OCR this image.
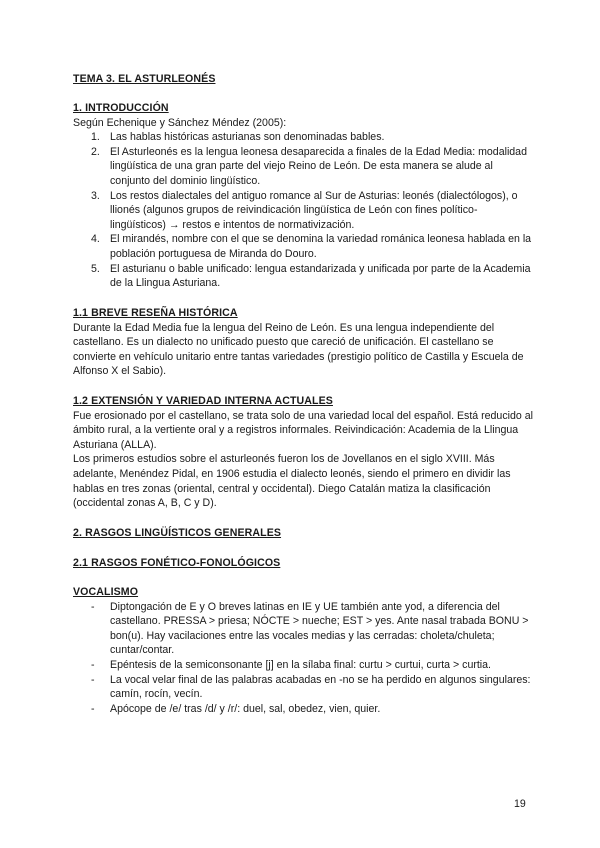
TEMA 3. EL ASTURLEONÉS

1. INTRODUCCIÓN

Según Echenique y Sánchez Méndez (2005):

1. Las hablas históricas asturianas son denominadas bables.
2. El Asturleonés es la lengua leonesa desaparecida a finales de la Edad Media: modalidad lingüística de una gran parte del viejo Reino de León. De esta manera se alude al conjunto del dominio lingüístico.
3. Los restos dialectales del antiguo romance al Sur de Asturias: leonés (dialectólogos), o llionés (algunos grupos de reivindicación lingüística de León con fines político-lingüísticos) → restos e intentos de normativización.
4. El mirandés, nombre con el que se denomina la variedad románica leonesa hablada en la población portuguesa de Miranda do Douro.
5. El asturianu o bable unificado: lengua estandarizada y unificada por parte de la Academia de la Llingua Asturiana.

1.1 BREVE RESEÑA HISTÓRICA

Durante la Edad Media fue la lengua del Reino de León. Es una lengua independiente del castellano. Es un dialecto no unificado puesto que careció de unificación. El castellano se convierte en vehículo unitario entre tantas variedades (prestigio político de Castilla y Escuela de Alfonso X el Sabio).

1.2 EXTENSIÓN Y VARIEDAD INTERNA ACTUALES

Fue erosionado por el castellano, se trata solo de una variedad local del español. Está reducido al ámbito rural, a la vertiente oral y a registros informales. Reivindicación: Academia de la Llingua Asturiana (ALLA).

Los primeros estudios sobre el asturleonés fueron los de Jovellanos en el siglo XVIII. Más adelante, Menéndez Pidal, en 1906 estudia el dialecto leonés, siendo el primero en dividir las hablas en tres zonas (oriental, central y occidental). Diego Catalán matiza la clasificación (occidental zonas A, B, C y D).

2. RASGOS LINGÜÍSTICOS GENERALES

2.1 RASGOS FONÉTICO-FONOLÓGICOS

VOCALISMO

- Diptongación de E y O breves latinas en IE y UE también ante yod, a diferencia del castellano. PRESSA > priesa; NÓCTE > nueche; EST > yes. Ante nasal trabada BONU > bon(u). Hay vacilaciones entre las vocales medias y las cerradas: choleta/chuleta; cuntar/contar.
- Epéntesis de la semiconsonante [j] en la sílaba final: curtu > curtui, curta > curtia.
- La vocal velar final de las palabras acabadas en -no se ha perdido en algunos singulares: camín, rocín, vecín.
- Apócope de /e/ tras /d/ y /r/: duel, sal, obedez, vien, quier.
19
